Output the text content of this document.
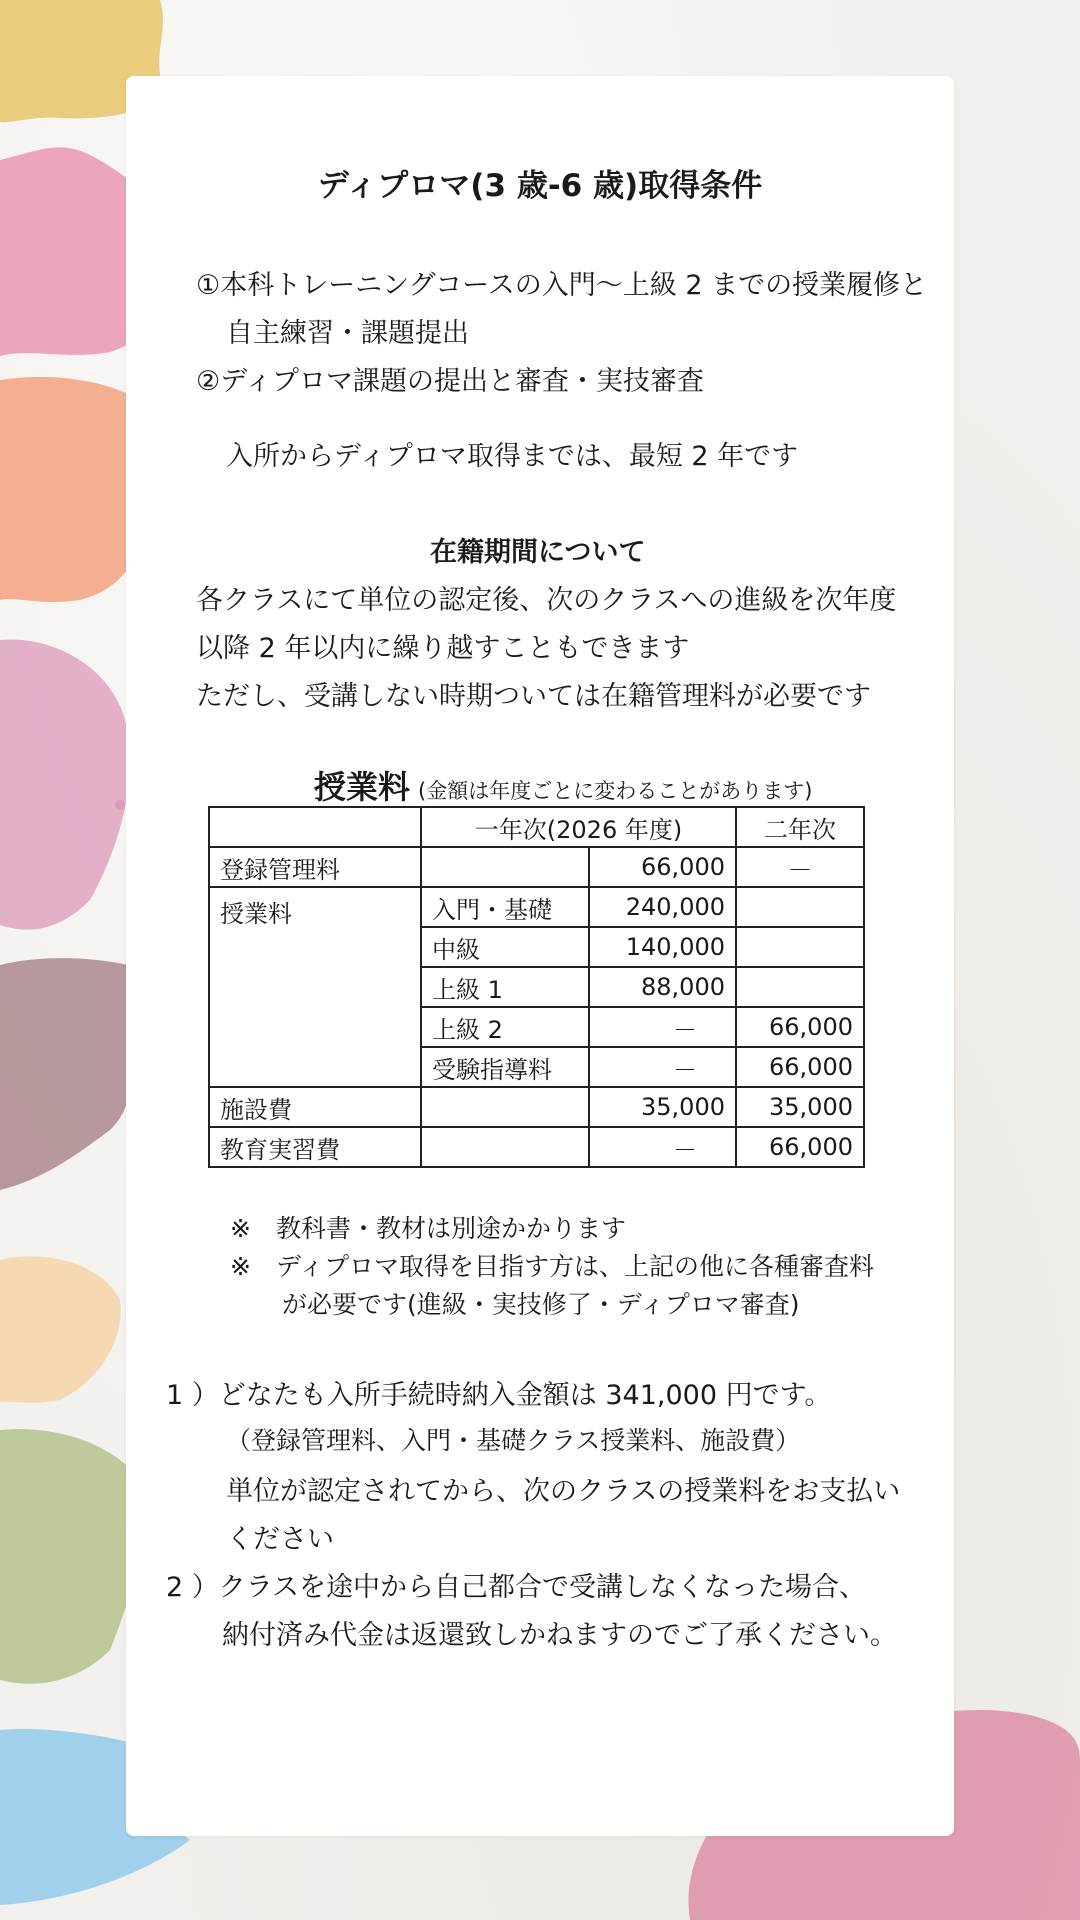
ディプロマ(3 歳-6 歳)取得条件
①本科トレーニングコースの入門～上級 2 までの授業履修と
自主練習・課題提出
②ディプロマ課題の提出と審査・実技審査
入所からディプロマ取得までは、最短 2 年です
在籍期間について
各クラスにて単位の認定後、次のクラスへの進級を次年度
以降 2 年以内に繰り越すこともできます
ただし、受講しない時期ついては在籍管理料が必要です
授業料 (金額は年度ごとに変わることがあります)
	一年次(2026 年度)		二年次
登録管理料		66,000	－
授業料	入門・基礎	240,000	
	中級	140,000	
	上級 1	88,000	
	上級 2	－	66,000
	受験指導料	－	66,000
施設費		35,000	35,000
教育実習費		－	66,000
※　教科書・教材は別途かかります
※　ディプロマ取得を目指す方は、上記の他に各種審査料
が必要です(進級・実技修了・ディプロマ審査)
1 ）どなたも入所手続時納入金額は 341,000 円です。
（登録管理料、入門・基礎クラス授業料、施設費）
単位が認定されてから、次のクラスの授業料をお支払い
ください
2 ）クラスを途中から自己都合で受講しなくなった場合、
納付済み代金は返還致しかねますのでご了承ください。
